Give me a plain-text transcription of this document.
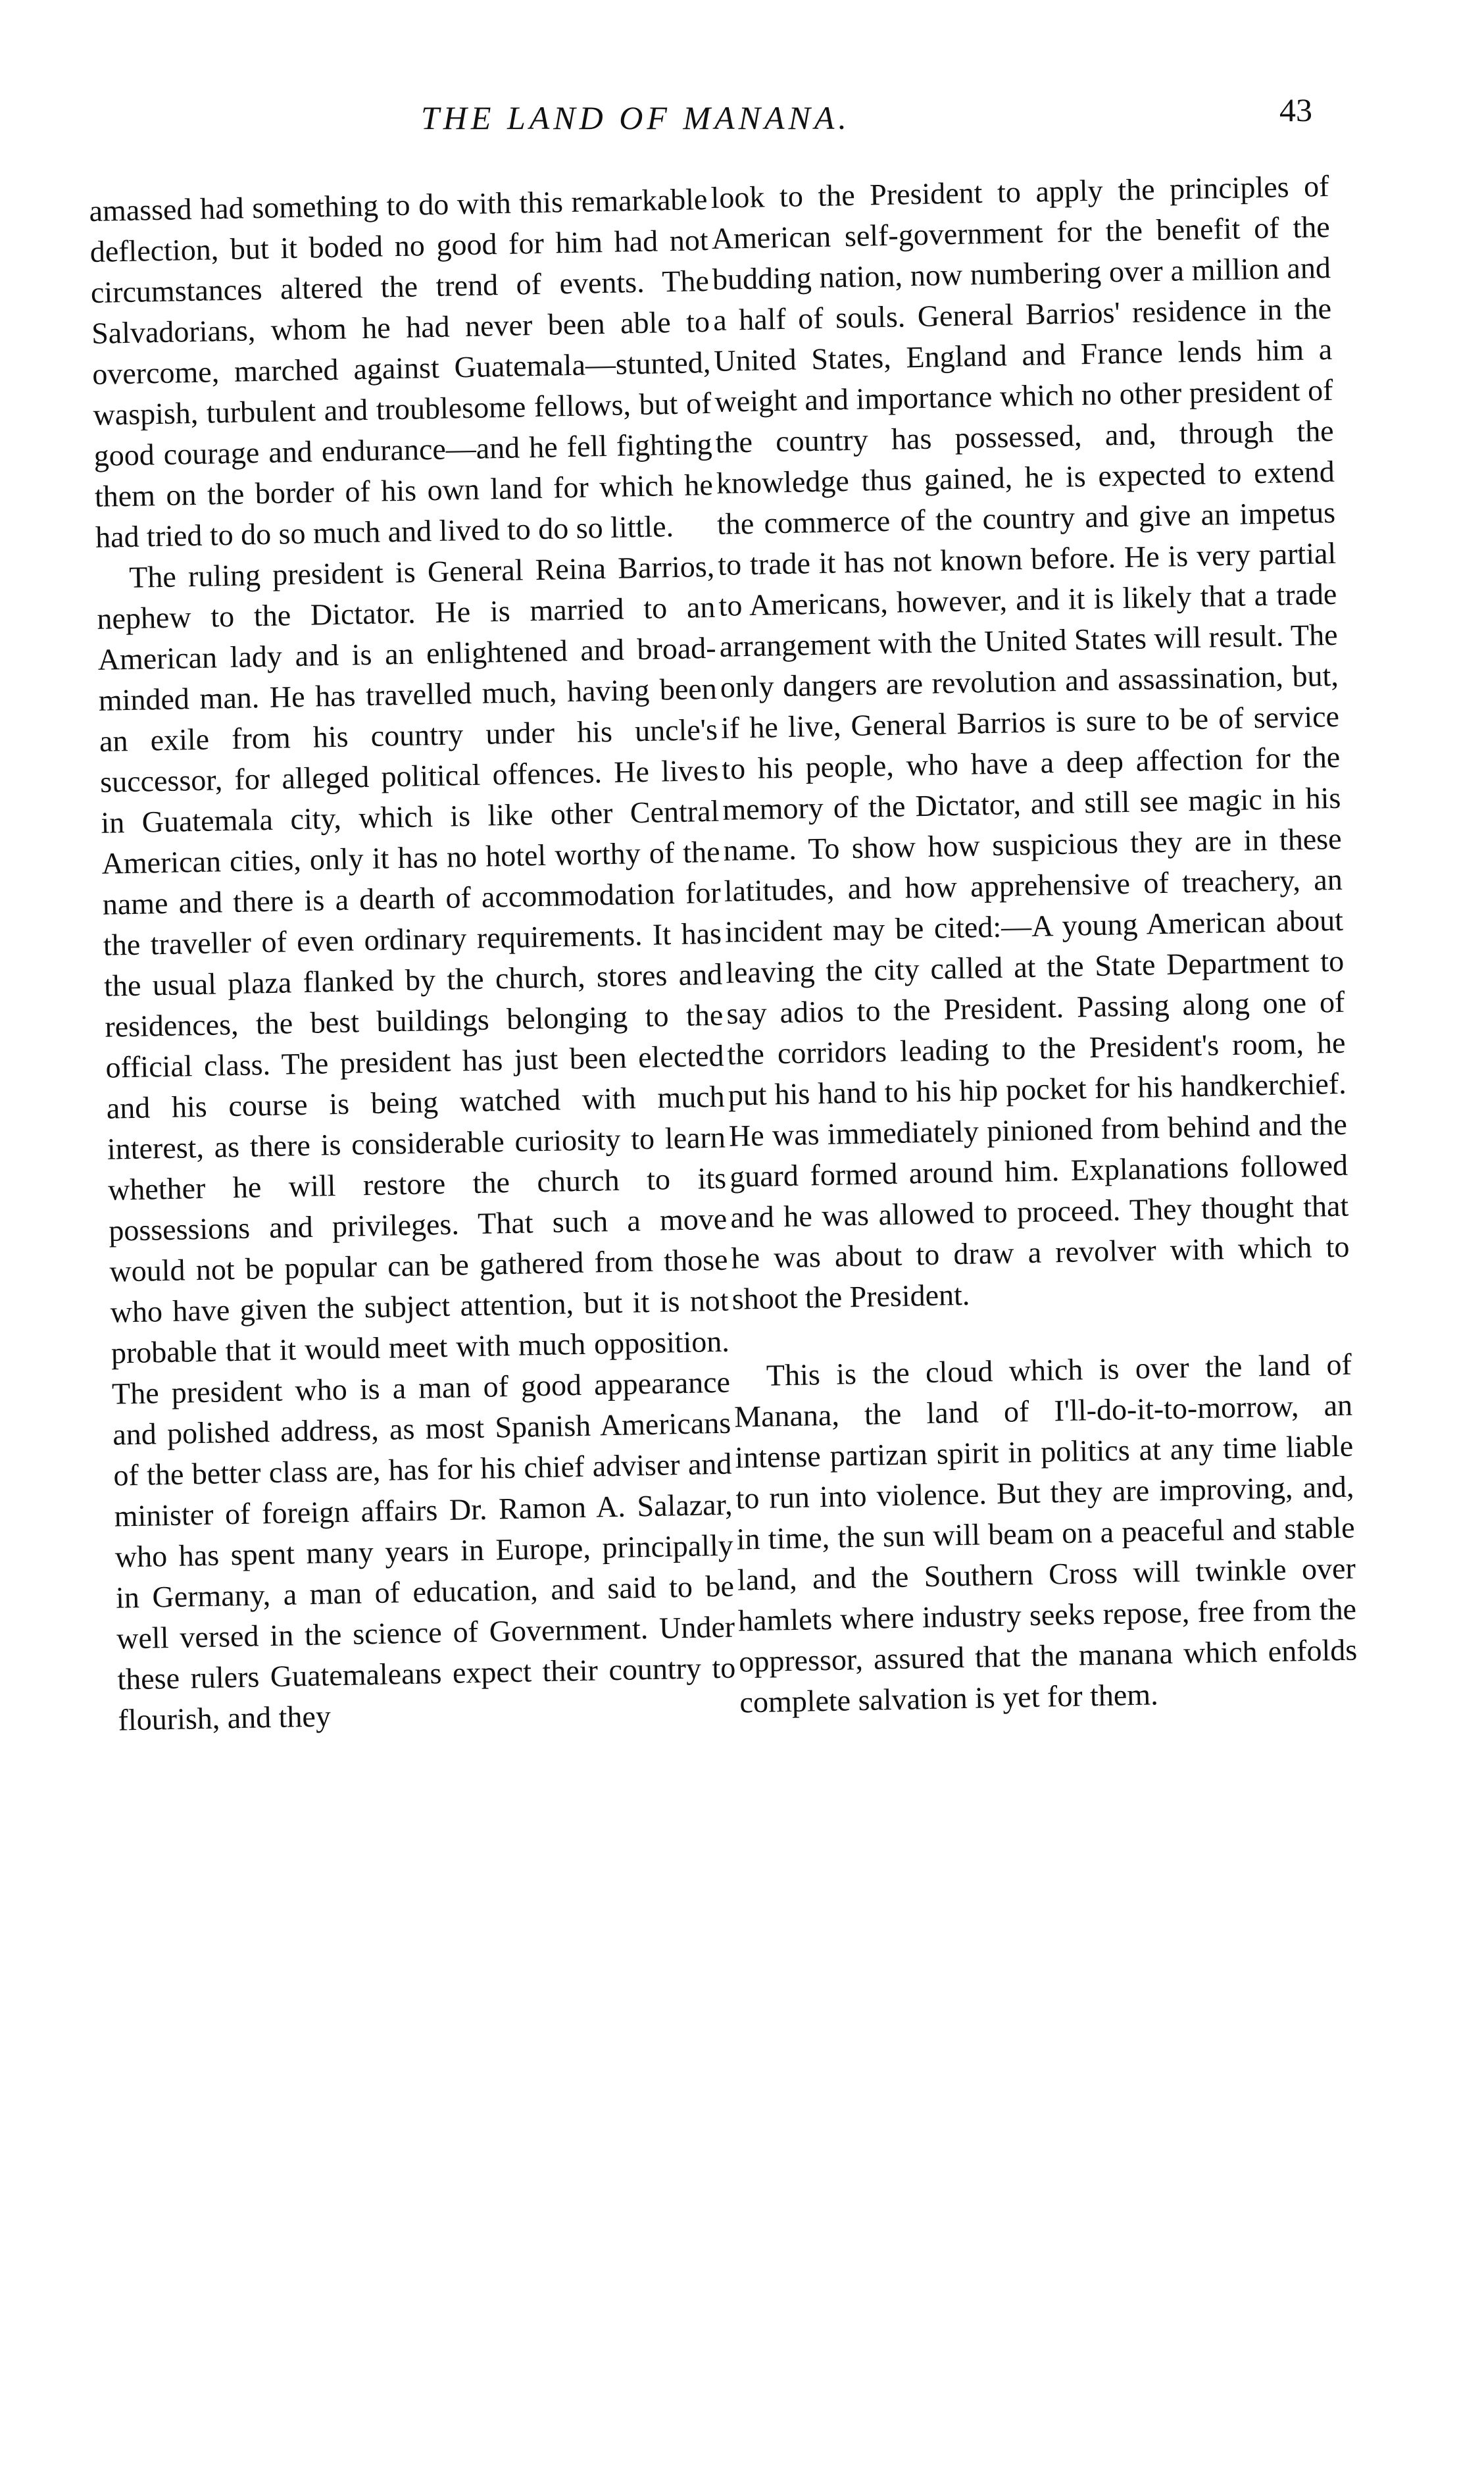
THE LAND OF MANANA.	43

amassed had something to do with this remarkable deflection, but it boded no good for him had not circumstances altered the trend of events. The Salvadorians, whom he had never been able to overcome, marched against Guatemala—stunted, waspish, turbulent and troublesome fellows, but of good courage and endurance—and he fell fighting them on the border of his own land for which he had tried to do so much and lived to do so little.

The ruling president is General Reina Barrios, nephew to the Dictator. He is married to an American lady and is an enlightened and broad-minded man. He has travelled much, having been an exile from his country under his uncle's successor, for alleged political offences. He lives in Guatemala city, which is like other Central American cities, only it has no hotel worthy of the name and there is a dearth of accommodation for the traveller of even ordinary requirements. It has the usual plaza flanked by the church, stores and residences, the best buildings belonging to the official class. The president has just been elected and his course is being watched with much interest, as there is considerable curiosity to learn whether he will restore the church to its possessions and privileges. That such a move would not be popular can be gathered from those who have given the subject attention, but it is not probable that it would meet with much opposition. The president who is a man of good appearance and polished address, as most Spanish Americans of the better class are, has for his chief adviser and minister of foreign affairs Dr. Ramon A. Salazar, who has spent many years in Europe, principally in Germany, a man of education, and said to be well versed in the science of Government. Under these rulers Guatemaleans expect their country to flourish, and they

look to the President to apply the principles of American self-government for the benefit of the budding nation, now numbering over a million and a half of souls. General Barrios' residence in the United States, England and France lends him a weight and importance which no other president of the country has possessed, and, through the knowledge thus gained, he is expected to extend the commerce of the country and give an impetus to trade it has not known before. He is very partial to Americans, however, and it is likely that a trade arrangement with the United States will result. The only dangers are revolution and assassination, but, if he live, General Barrios is sure to be of service to his people, who have a deep affection for the memory of the Dictator, and still see magic in his name. To show how suspicious they are in these latitudes, and how apprehensive of treachery, an incident may be cited:—A young American about leaving the city called at the State Department to say adios to the President. Passing along one of the corridors leading to the President's room, he put his hand to his hip pocket for his handkerchief. He was immediately pinioned from behind and the guard formed around him. Explanations followed and he was allowed to proceed. They thought that he was about to draw a revolver with which to shoot the President.

This is the cloud which is over the land of Manana, the land of I'll-do-it-to-morrow, an intense partizan spirit in politics at any time liable to run into violence. But they are improving, and, in time, the sun will beam on a peaceful and stable land, and the Southern Cross will twinkle over hamlets where industry seeks repose, free from the oppressor, assured that the manana which enfolds complete salvation is yet for them.
